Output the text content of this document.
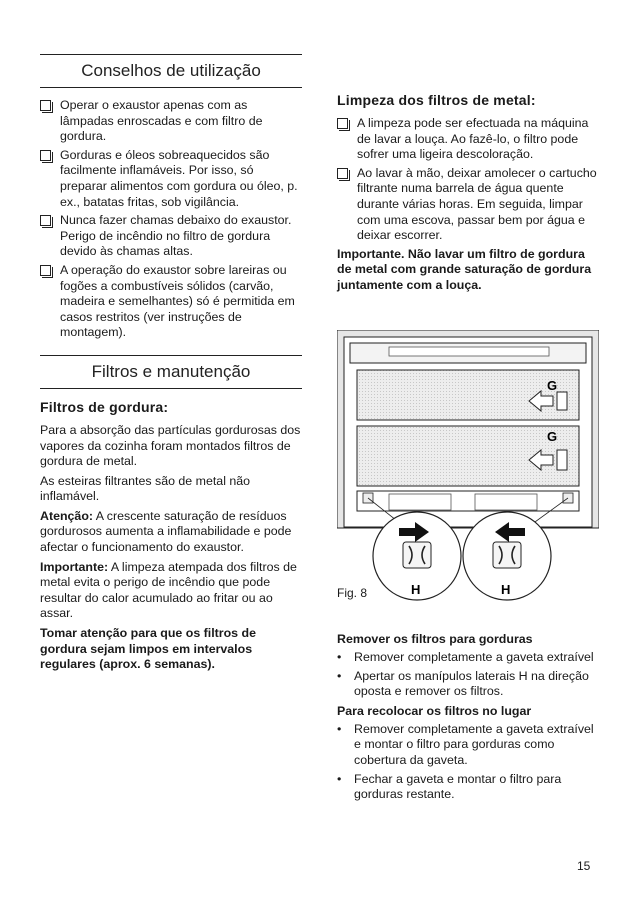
Conselhos de utilização
Operar o exaustor apenas com as lâmpadas enroscadas e com filtro de gordura.
Gorduras e óleos sobreaquecidos são facilmente inflamáveis. Por isso, só preparar alimentos com gordura ou óleo, p. ex., batatas fritas, sob vigilância.
Nunca fazer chamas debaixo do exaustor. Perigo de incêndio no filtro de gordura devido às chamas altas.
A operação do exaustor sobre lareiras ou fogões a combustíveis sólidos (carvão, madeira e semelhantes) só é permitida em casos restritos (ver instruções de montagem).
Filtros e manutenção
Filtros de gordura:

Para a absorção das partículas gordurosas dos vapores da cozinha foram montados filtros de gordura de metal.

As esteiras filtrantes são de metal não inflamável.

Atenção: A crescente saturação de resíduos gordurosos aumenta a inflamabilidade e pode afectar o funcionamento do exaustor.

Importante: A limpeza atempada dos filtros de metal evita o perigo de incêndio que pode resultar do calor acumulado ao fritar ou ao assar.

Tomar atenção para que os filtros de gordura sejam limpos em intervalos regulares (aprox. 6 semanas).

Limpeza dos filtros de metal:
A limpeza pode ser efectuada na máquina de lavar a louça. Ao fazê-lo, o filtro pode sofrer uma ligeira descoloração.
Ao lavar à mão, deixar amolecer o cartucho filtrante numa barrela de água quente durante várias horas. Em seguida, limpar com uma escova, passar bem por água e deixar escorrer.

Importante. Não lavar um filtro de gordura de metal com grande saturação de gordura juntamente com a louça.

G
G
H	H
Fig. 8
Remover os filtros para gorduras
• Remover completamente a gaveta extraível
• Apertar os manípulos laterais H na direção oposta e remover os filtros.
Para recolocar os filtros no lugar
• Remover completamente a gaveta extraível e montar o filtro para gorduras como cobertura da gaveta.
• Fechar a gaveta e montar o filtro para gorduras restante.
15
